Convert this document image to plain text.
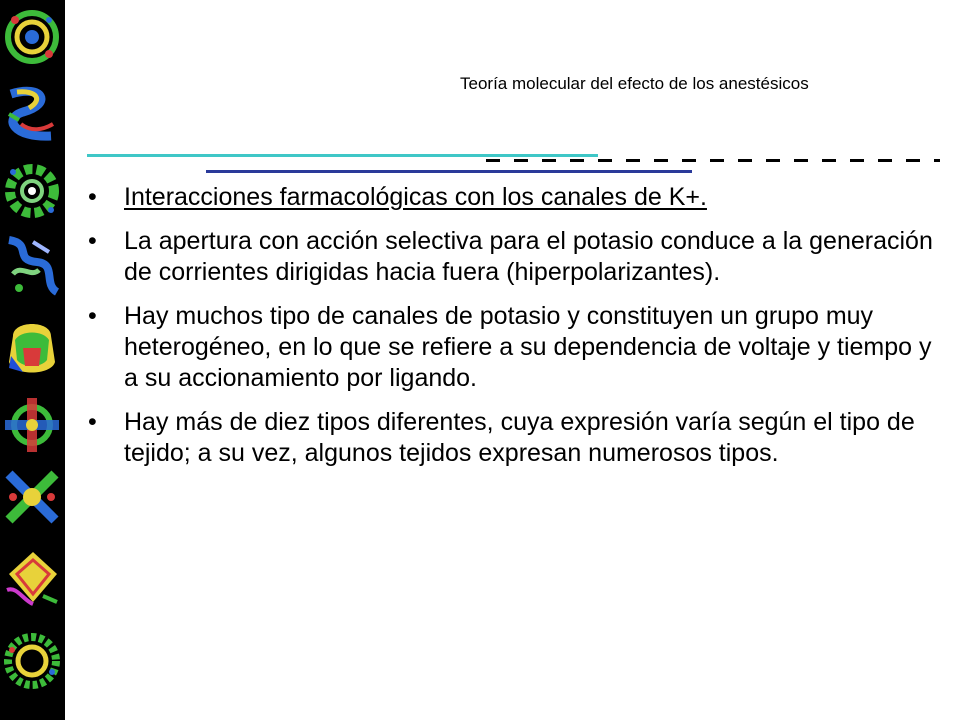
Teoría molecular del efecto de los anestésicos
• Interacciones farmacológicas con los canales de K+.
• La apertura con acción selectiva para el potasio conduce a la generación de corrientes dirigidas hacia fuera (hiperpolarizantes).
• Hay muchos tipo de canales de potasio y constituyen un grupo muy heterogéneo, en lo que se refiere a su dependencia de voltaje y tiempo y a su accionamiento por ligando.
• Hay más de diez tipos diferentes, cuya expresión varía según el tipo de tejido; a su vez, algunos tejidos expresan numerosos tipos.
